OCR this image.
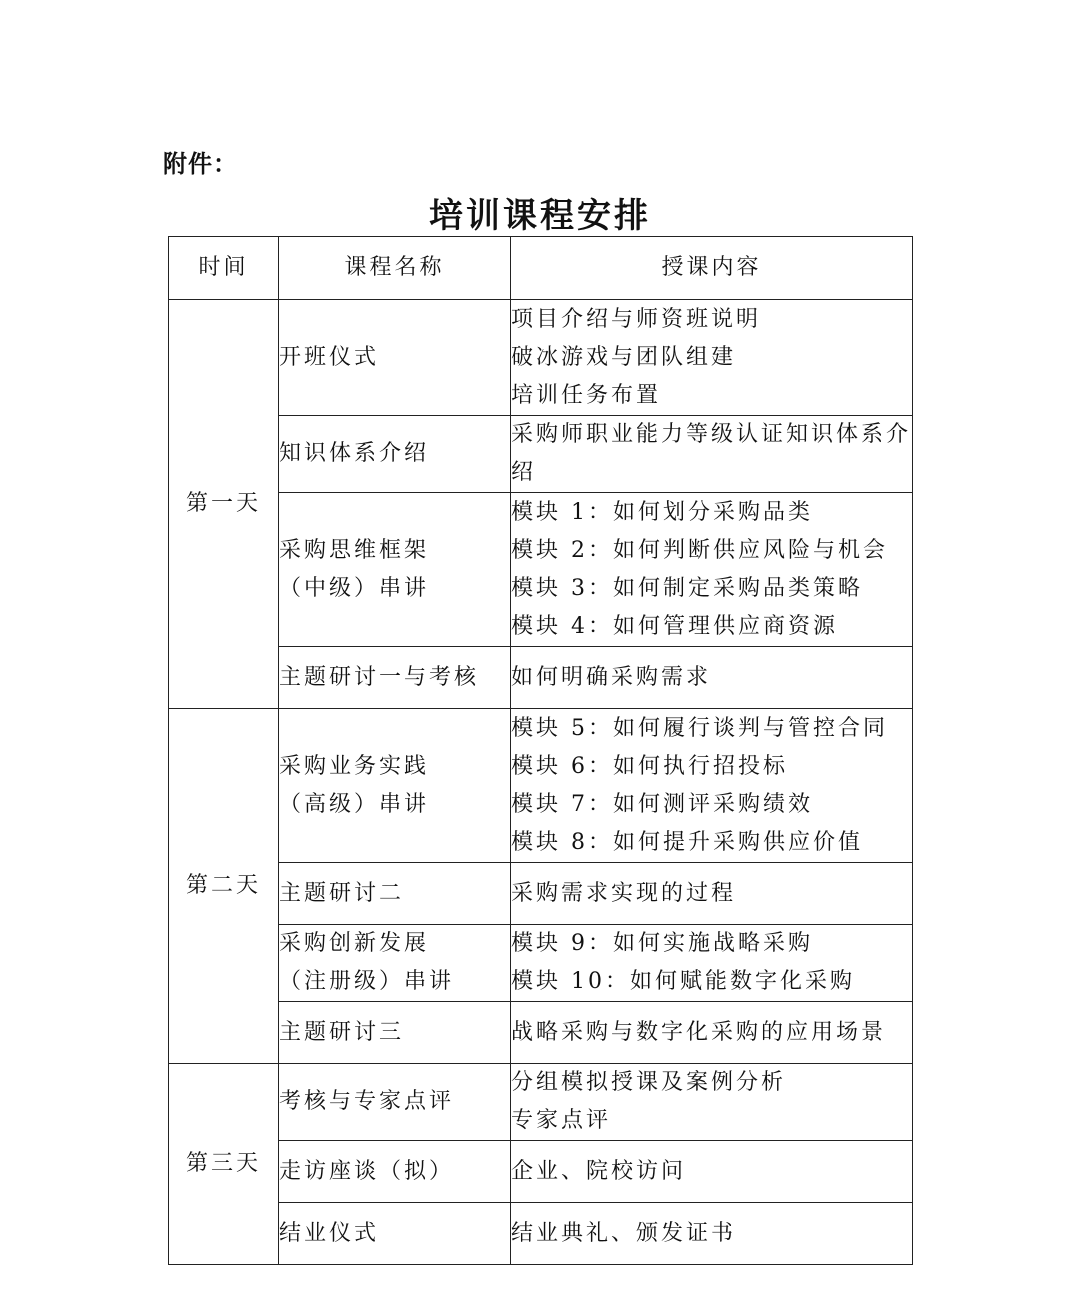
附件：
培训课程安排
时间	课程名称	授课内容
第一天	开班仪式	项目介绍与师资班说明
破冰游戏与团队组建
培训任务布置

	知识体系介绍	采购师职业能力等级认证知识体系介绍

	采购思维框架
（中级）串讲	模块 1：如何划分采购品类
模块 2：如何判断供应风险与机会
模块 3：如何制定采购品类策略
模块 4：如何管理供应商资源

	主题研讨一与考核	如何明确采购需求

第二天	采购业务实践
（高级）串讲	模块 5：如何履行谈判与管控合同
模块 6：如何执行招投标
模块 7：如何测评采购绩效
模块 8：如何提升采购供应价值

	主题研讨二	采购需求实现的过程

	采购创新发展
（注册级）串讲	模块 9：如何实施战略采购
模块 10：如何赋能数字化采购

	主题研讨三	战略采购与数字化采购的应用场景

第三天	考核与专家点评	分组模拟授课及案例分析
专家点评

	走访座谈（拟）	企业、院校访问

	结业仪式	结业典礼、颁发证书
